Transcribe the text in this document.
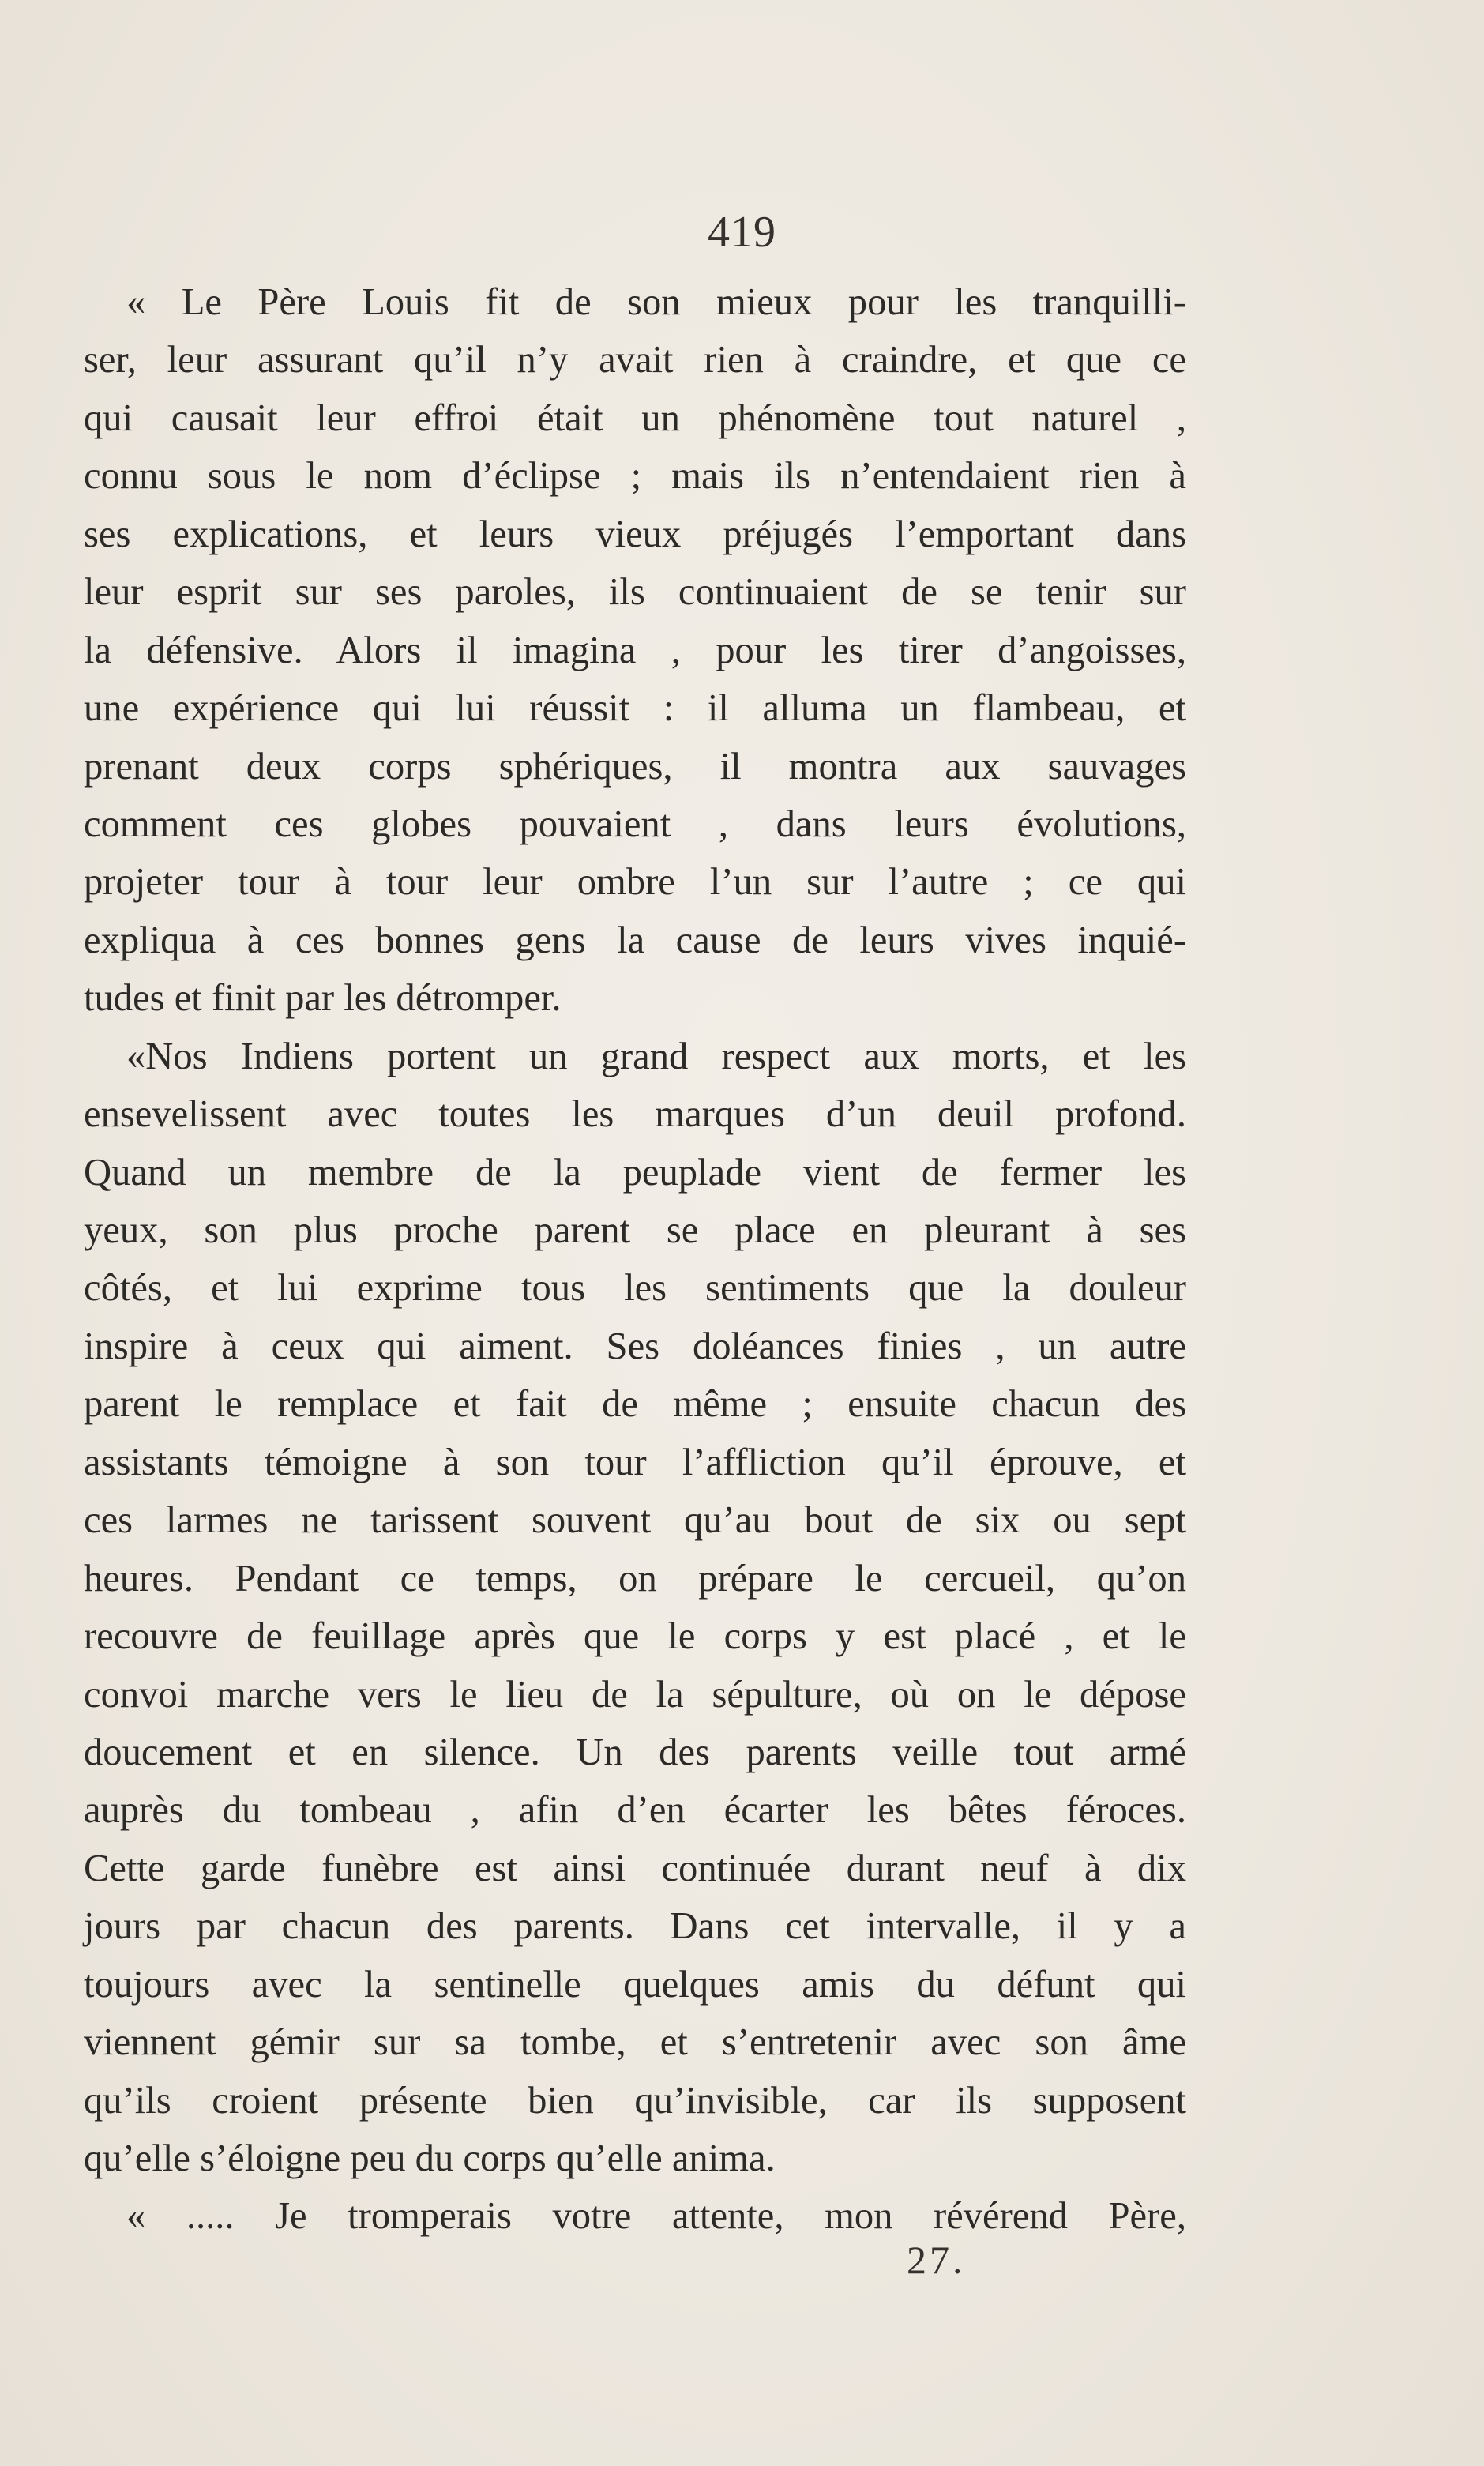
419
« Le Père Louis fit de son mieux pour les tranquilli-
ser, leur assurant qu’il n’y avait rien à craindre, et que ce
qui causait leur effroi était un phénomène tout naturel ,
connu sous le nom d’éclipse ; mais ils n’entendaient rien à
ses explications, et leurs vieux préjugés l’emportant dans
leur esprit sur ses paroles, ils continuaient de se tenir sur
la défensive. Alors il imagina , pour les tirer d’angoisses,
une expérience qui lui réussit : il alluma un flambeau, et
prenant deux corps sphériques, il montra aux sauvages
comment ces globes pouvaient , dans leurs évolutions,
projeter tour à tour leur ombre l’un sur l’autre ; ce qui
expliqua à ces bonnes gens la cause de leurs vives inquié-
tudes et finit par les détromper.
«Nos Indiens portent un grand respect aux morts, et les
ensevelissent avec toutes les marques d’un deuil profond.
Quand un membre de la peuplade vient de fermer les
yeux, son plus proche parent se place en pleurant à ses
côtés, et lui exprime tous les sentiments que la douleur
inspire à ceux qui aiment. Ses doléances finies , un autre
parent le remplace et fait de même ; ensuite chacun des
assistants témoigne à son tour l’affliction qu’il éprouve, et
ces larmes ne tarissent souvent qu’au bout de six ou sept
heures. Pendant ce temps, on prépare le cercueil, qu’on
recouvre de feuillage après que le corps y est placé , et le
convoi marche vers le lieu de la sépulture, où on le dépose
doucement et en silence. Un des parents veille tout armé
auprès du tombeau , afin d’en écarter les bêtes féroces.
Cette garde funèbre est ainsi continuée durant neuf à dix
jours par chacun des parents. Dans cet intervalle, il y a
toujours avec la sentinelle quelques amis du défunt qui
viennent gémir sur sa tombe, et s’entretenir avec son âme
qu’ils croient présente bien qu’invisible, car ils supposent
qu’elle s’éloigne peu du corps qu’elle anima.
« ..... Je tromperais votre attente, mon révérend Père,
27.
